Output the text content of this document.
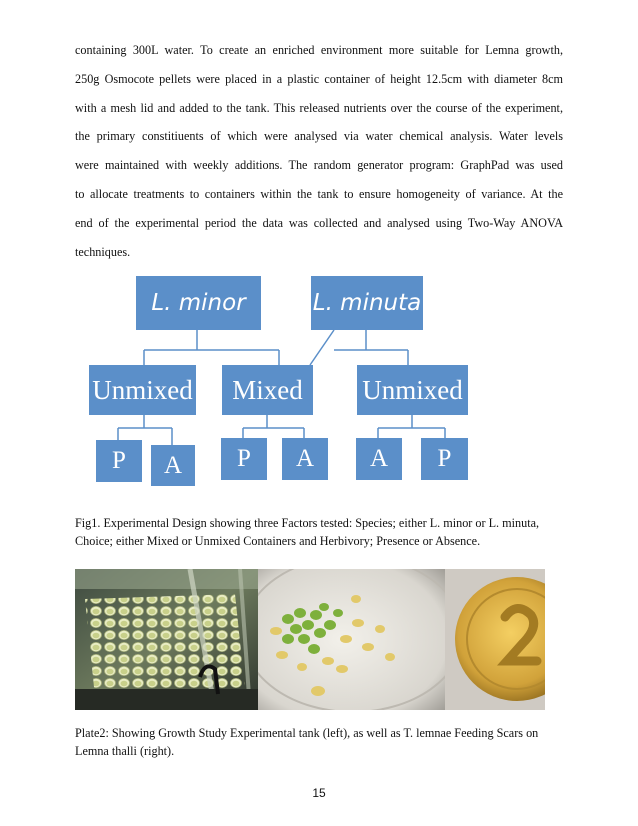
containing 300L water. To create an enriched environment more suitable for Lemna growth,
250g Osmocote pellets were placed in a plastic container of height 12.5cm with diameter 8cm
with a mesh lid and added to the tank. This released nutrients over the course of the experiment,
the primary constitiuents of which were analysed via water chemical analysis. Water levels
were maintained with weekly additions. The random generator program: GraphPad was used
to allocate treatments to containers within the tank to ensure homogeneity of variance. At the
end of the experimental period the data was collected and analysed using Two-Way ANOVA
techniques.
L. minor	L. minuta
Unmixed	Mixed	Unmixed
P	A	P	A	A	P
Fig1. Experimental Design showing three Factors tested: Species; either L. minor or L. minuta, Choice; either Mixed or Unmixed Containers and Herbivory; Presence or Absence.
Plate2: Showing Growth Study Experimental tank (left), as well as T. lemnae Feeding Scars on Lemna thalli (right).
15
